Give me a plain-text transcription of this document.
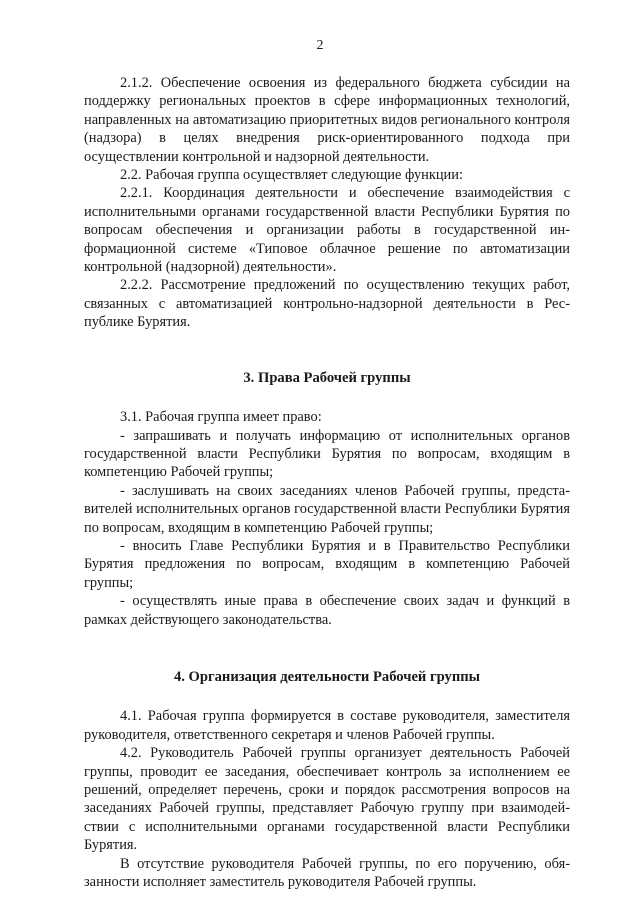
2

2.1.2. Обеспечение освоения из федерального бюджета субсидии на поддержку региональных проектов в сфере информационных технологий, направленных на автоматизацию приоритетных видов регионального контроля (надзора) в целях внедрения риск-ориентированного подхода при осуществлении контрольной и надзорной деятельности.

2.2. Рабочая группа осуществляет следующие функции:

2.2.1. Координация деятельности и обеспечение взаимодействия с исполнительными органами государственной власти Республики Бурятия по вопросам обеспечения и организации работы в государственной информационной системе «Типовое облачное решение по автоматизации контрольной (надзорной) деятельности».

2.2.2. Рассмотрение предложений по осуществлению текущих работ, связанных с автоматизацией контрольно-надзорной деятельности в Республике Бурятия.

3. Права Рабочей группы

3.1. Рабочая группа имеет право:

- запрашивать и получать информацию от исполнительных органов государственной власти Республики Бурятия по вопросам, входящим в компетенцию Рабочей группы;

- заслушивать на своих заседаниях членов Рабочей группы, представителей исполнительных органов государственной власти Республики Бурятия по вопросам, входящим в компетенцию Рабочей группы;

- вносить Главе Республики Бурятия и в Правительство Республики Бурятия предложения по вопросам, входящим в компетенцию Рабочей группы;

- осуществлять иные права в обеспечение своих задач и функций в рамках действующего законодательства.

4. Организация деятельности Рабочей группы

4.1. Рабочая группа формируется в составе руководителя, заместителя руководителя, ответственного секретаря и членов Рабочей группы.

4.2. Руководитель Рабочей группы организует деятельность Рабочей группы, проводит ее заседания, обеспечивает контроль за исполнением ее решений, определяет перечень, сроки и порядок рассмотрения вопросов на заседаниях Рабочей группы, представляет Рабочую группу при взаимодействии с исполнительными органами государственной власти Республики Бурятия.

В отсутствие руководителя Рабочей группы, по его поручению, обязанности исполняет заместитель руководителя Рабочей группы.
